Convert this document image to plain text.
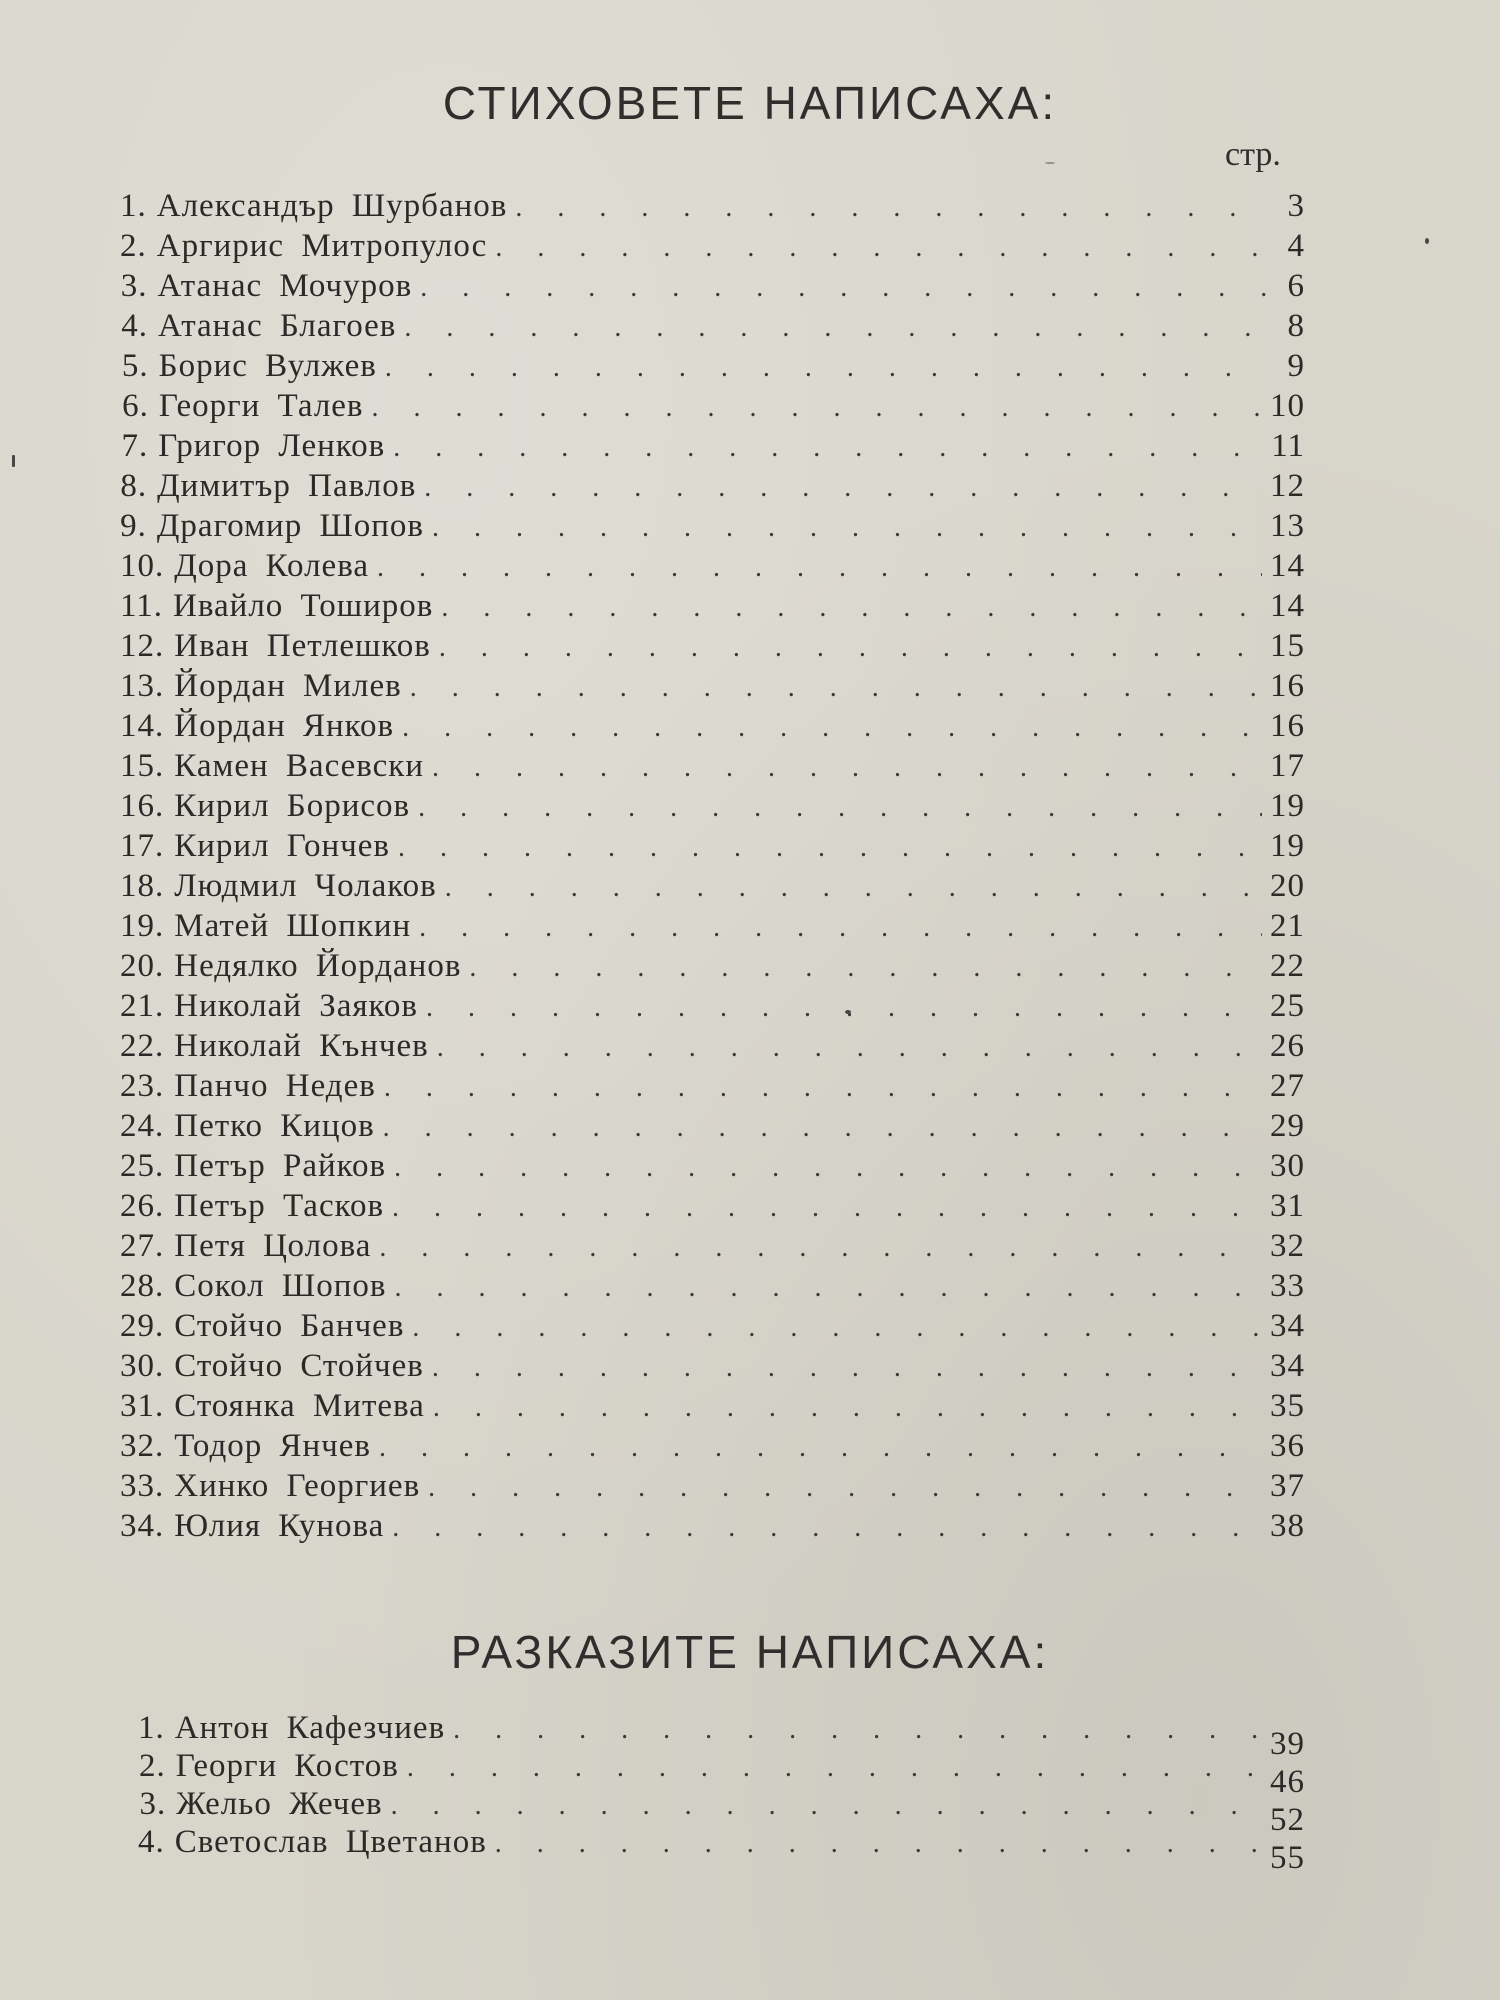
СТИХОВЕТЕ НАПИСАХА:
стр.
1. Александър Шурбанов . . .	3
2. Аргирис Митропулос . . .	4
3. Атанас Мочуров . . .	6
4. Атанас Благоев . . .	8
5. Борис Вулжев . . .	9
6. Георги Талев . . .	10
7. Григор Ленков . . .	11
8. Димитър Павлов . . .	12
9. Драгомир Шопов . . .	13
10. Дора Колева . . .	14
11. Ивайло Тоширов . . .	14
12. Иван Петлешков . . .	15
13. Йордан Милев . . .	16
14. Йордан Янков . . .	16
15. Камен Васевски . . .	17
16. Кирил Борисов . . .	19
17. Кирил Гончев . . .	19
18. Людмил Чолаков . . .	20
19. Матей Шопкин . . .	21
20. Недялко Йорданов . . .	22
21. Николай Заяков . . .	25
22. Николай Кънчев . . .	26
23. Панчо Недев . . .	27
24. Петко Кицов . . .	29
25. Петър Райков . . .	30
26. Петър Тасков . . .	31
27. Петя Цолова . . .	32
28. Сокол Шопов . . .	33
29. Стойчо Банчев . . .	34
30. Стойчо Стойчев . . .	34
31. Стоянка Митева . . .	35
32. Тодор Янчев . . .	36
33. Хинко Георгиев . . .	37
34. Юлия Кунова . . .	38
РАЗКАЗИТЕ НАПИСАХА:
1. Антон Кафезчиев . . .	39
2. Георги Костов . . .	46
3. Жельо Жечев . . .	52
4. Светослав Цветанов . . .	55
